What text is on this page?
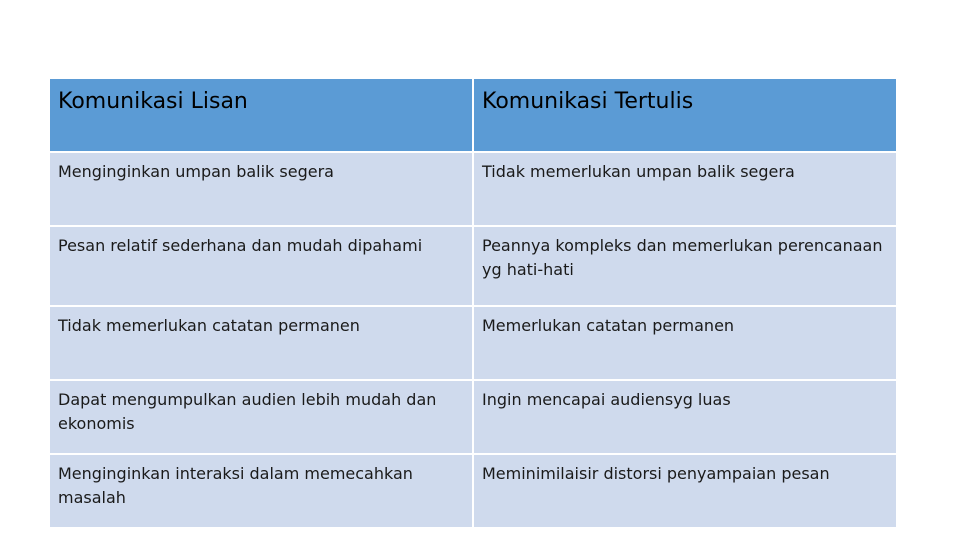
Komunikasi Lisan	Komunikasi Tertulis
Menginginkan umpan balik segera	Tidak memerlukan umpan balik segera
Pesan relatif sederhana dan mudah dipahami	Peannya kompleks dan memerlukan perencanaan yg hati-hati
Tidak memerlukan catatan permanen	Memerlukan catatan permanen
Dapat mengumpulkan audien lebih mudah dan ekonomis	Ingin mencapai audiensyg luas
Menginginkan interaksi dalam memecahkan masalah	Meminimilaisir distorsi penyampaian pesan
